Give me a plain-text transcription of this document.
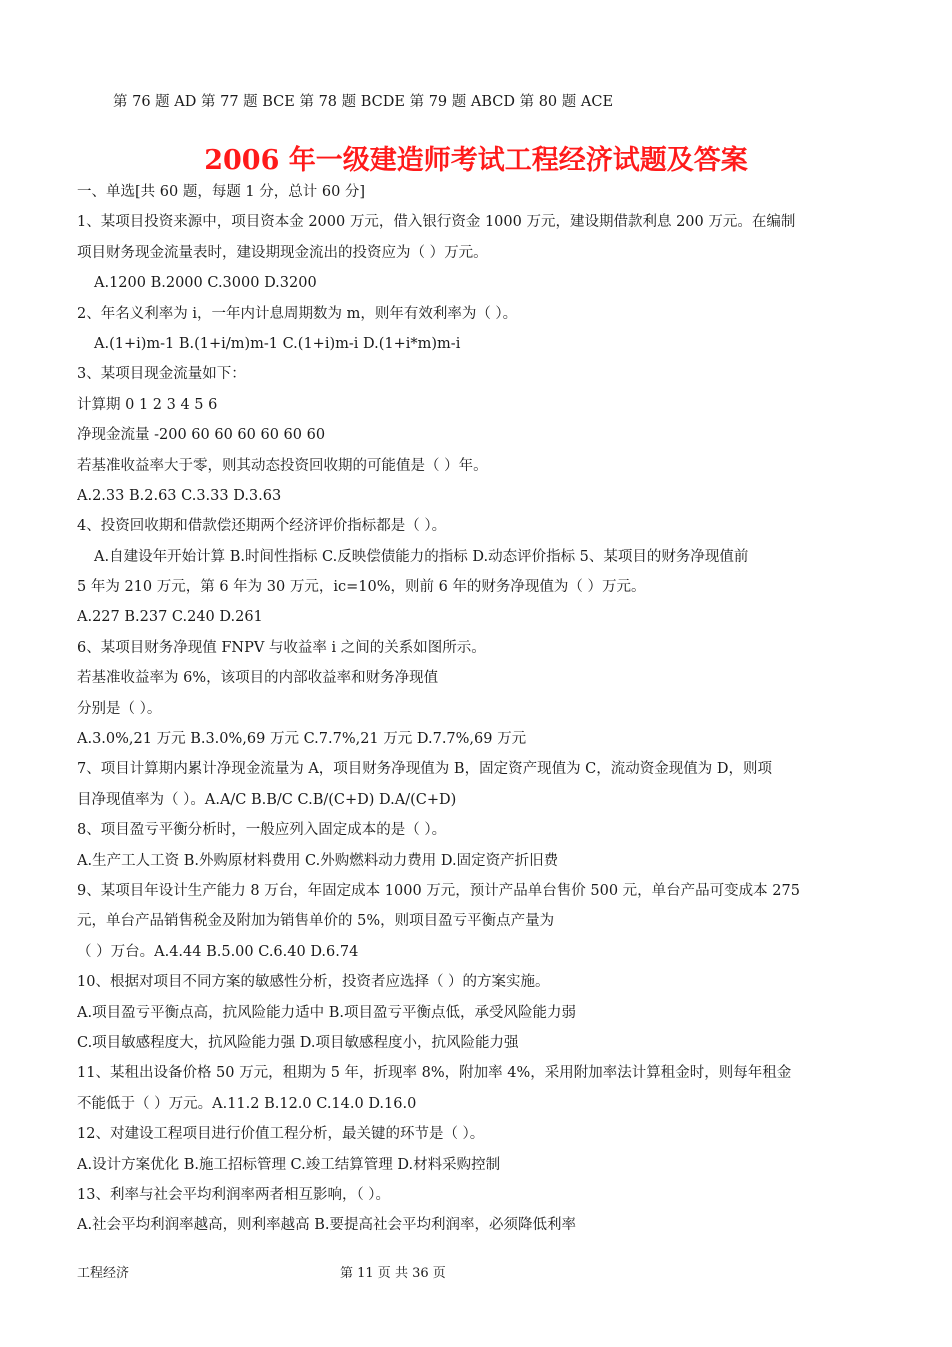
第 76 题 AD 第 77 题 BCE 第 78 题 BCDE 第 79 题 ABCD 第 80 题 ACE
2006 年一级建造师考试工程经济试题及答案
一、单选[共 60 题，每题 1 分，总计 60 分]
1、某项目投资来源中，项目资本金 2000 万元，借入银行资金 1000 万元，建设期借款利息 200 万元。在编制
项目财务现金流量表时，建设期现金流出的投资应为（ ）万元。
A.1200 B.2000 C.3000 D.3200
2、年名义利率为 i，一年内计息周期数为 m，则年有效利率为（ ）。
A.(1+i)m-1 B.(1+i/m)m-1 C.(1+i)m-i D.(1+i*m)m-i
3、某项目现金流量如下：
计算期 0 1 2 3 4 5 6
净现金流量 -200 60 60 60 60 60 60
若基准收益率大于零，则其动态投资回收期的可能值是（ ）年。
A.2.33 B.2.63 C.3.33 D.3.63
4、投资回收期和借款偿还期两个经济评价指标都是（ ）。
A.自建设年开始计算 B.时间性指标 C.反映偿债能力的指标 D.动态评价指标 5、某项目的财务净现值前
5 年为 210 万元，第 6 年为 30 万元，ic=10%，则前 6 年的财务净现值为（ ）万元。
A.227 B.237 C.240 D.261
6、某项目财务净现值 FNPV 与收益率 i 之间的关系如图所示。
若基准收益率为 6%，该项目的内部收益率和财务净现值
分别是（ ）。
A.3.0%,21 万元 B.3.0%,69 万元 C.7.7%,21 万元 D.7.7%,69 万元
7、项目计算期内累计净现金流量为 A，项目财务净现值为 B，固定资产现值为 C，流动资金现值为 D，则项
目净现值率为（ ）。A.A/C B.B/C C.B/(C+D) D.A/(C+D)
8、项目盈亏平衡分析时，一般应列入固定成本的是（ ）。
A.生产工人工资 B.外购原材料费用 C.外购燃料动力费用 D.固定资产折旧费
9、某项目年设计生产能力 8 万台，年固定成本 1000 万元，预计产品单台售价 500 元，单台产品可变成本 275
元，单台产品销售税金及附加为销售单价的 5%，则项目盈亏平衡点产量为
（ ）万台。A.4.44 B.5.00 C.6.40 D.6.74
10、根据对项目不同方案的敏感性分析，投资者应选择（ ）的方案实施。
A.项目盈亏平衡点高，抗风险能力适中 B.项目盈亏平衡点低，承受风险能力弱
C.项目敏感程度大，抗风险能力强 D.项目敏感程度小，抗风险能力强
11、某租出设备价格 50 万元，租期为 5 年，折现率 8%，附加率 4%，采用附加率法计算租金时，则每年租金
不能低于（ ）万元。A.11.2 B.12.0 C.14.0 D.16.0
12、对建设工程项目进行价值工程分析，最关键的环节是（ ）。
A.设计方案优化 B.施工招标管理 C.竣工结算管理 D.材料采购控制
13、利率与社会平均利润率两者相互影响，（ ）。
A.社会平均利润率越高，则利率越高 B.要提高社会平均利润率，必须降低利率
工程经济	第 11 页 共 36 页
